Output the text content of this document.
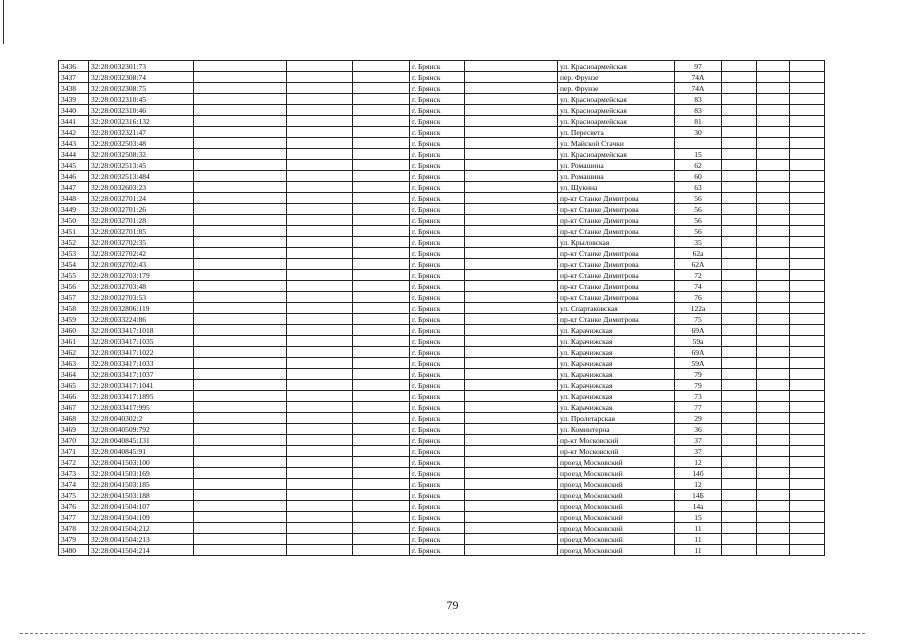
3436	32:28:0032301:73				г. Брянск		ул. Красноармейская	97			
3437	32:28:0032308:74				г. Брянск		пер. Фрунзе	74А			
3438	32:28:0032308:75				г. Брянск		пер. Фрунзе	74А			
3439	32:28:0032310:45				г. Брянск		ул. Красноармейская	83			
3440	32:28:0032310:46				г. Брянск		ул. Красноармейская	83			
3441	32:28:0032316:132				г. Брянск		ул. Красноармейская	81			
3442	32:28:0032321:47				г. Брянск		ул. Пересвета	30			
3443	32:28:0032503:48				г. Брянск		ул. Майской Стачки				
3444	32:28:0032508:32				г. Брянск		ул. Красноармейская	15			
3445	32:28:0032513:45				г. Брянск		ул. Ромашина	62			
3446	32:28:0032513:484				г. Брянск		ул. Ромашина	60			
3447	32:28:0032603:23				г. Брянск		ул. Щукина	63			
3448	32:28:0032701:24				г. Брянск		пр-кт Станке Димитрова	56			
3449	32:28:0032701:26				г. Брянск		пр-кт Станке Димитрова	56			
3450	32:28:0032701:28				г. Брянск		пр-кт Станке Димитрова	56			
3451	32:28:0032701:85				г. Брянск		пр-кт Станке Димитрова	56			
3452	32:28:0032702:35				г. Брянск		ул. Крыловская	35			
3453	32:28:0032702:42				г. Брянск		пр-кт Станке Димитрова	62а			
3454	32:28:0032702:43				г. Брянск		пр-кт Станке Димитрова	62А			
3455	32:28:0032703:179				г. Брянск		пр-кт Станке Димитрова	72			
3456	32:28:0032703:48				г. Брянск		пр-кт Станке Димитрова	74			
3457	32:28:0032703:53				г. Брянск		пр-кт Станке Димитрова	76			
3458	32:28:0032806:119				г. Брянск		ул. Спартаковская	122а			
3459	32:28:0033224:86				г. Брянск		пр-кт Станке Димитрова	75			
3460	32:28:0033417:1018				г. Брянск		ул. Карачижская	69А			
3461	32:28:0033417:1035				г. Брянск		ул. Карачижская	59а			
3462	32:28:0033417:1022				г. Брянск		ул. Карачижская	69А			
3463	32:28:0033417:1033				г. Брянск		ул. Карачижская	59А			
3464	32:28:0033417:1037				г. Брянск		ул. Карачижская	79			
3465	32:28:0033417:1041				г. Брянск		ул. Карачижская	79			
3466	32:28:0033417:1895				г. Брянск		ул. Карачижская	73			
3467	32:28:0033417:995				г. Брянск		ул. Карачижская	77			
3468	32:28:0040302:2				г. Брянск		ул. Пролетарская	29			
3469	32:28:0040509:792				г. Брянск		ул. Коминтерна	36			
3470	32:28:0040845:131				г. Брянск		пр-кт Московский	37			
3471	32:28:0040845:91				г. Брянск		пр-кт Московский	37			
3472	32:28:0041503:100				г. Брянск		проезд Московский	12			
3473	32:28:0041503:169				г. Брянск		проезд Московский	14б			
3474	32:28:0041503:185				г. Брянск		проезд Московский	12			
3475	32:28:0041503:188				г. Брянск		проезд Московский	14Б			
3476	32:28:0041504:107				г. Брянск		проезд Московский	14а			
3477	32:28:0041504:109				г. Брянск		проезд Московский	15			
3478	32:28:0041504:212				г. Брянск		проезд Московский	11			
3479	32:28:0041504:213				г. Брянск		проезд Московский	11			
3480	32:28:0041504:214				г. Брянск		проезд Московский	11			
79
